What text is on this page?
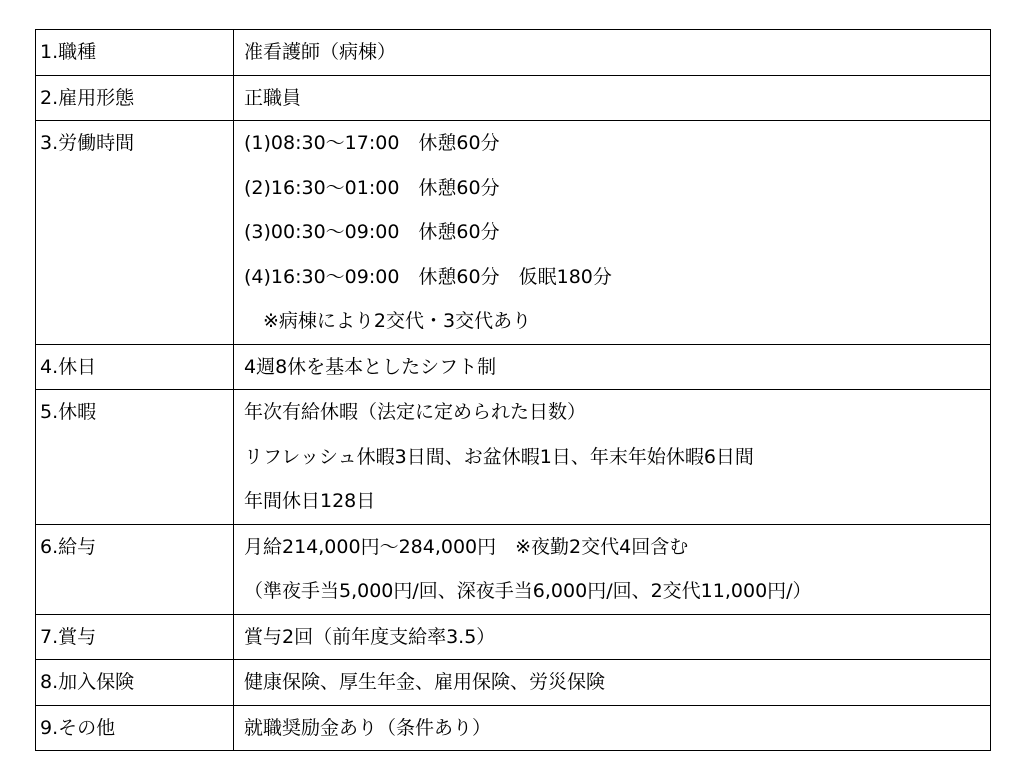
1.職種	准看護師（病棟）

2.雇用形態	正職員

3.労働時間	(1)08:30～17:00　休憩60分
(2)16:30～01:00　休憩60分
(3)00:30～09:00　休憩60分
(4)16:30～09:00　休憩60分　仮眠180分
　※病棟により2交代・3交代あり

4.休日	4週8休を基本としたシフト制

5.休暇	年次有給休暇（法定に定められた日数）
リフレッシュ休暇3日間、お盆休暇1日、年末年始休暇6日間
年間休日128日

6.給与	月給214,000円～284,000円　※夜勤2交代4回含む
（準夜手当5,000円/回、深夜手当6,000円/回、2交代11,000円/）

7.賞与	賞与2回（前年度支給率3.5）

8.加入保険	健康保険、厚生年金、雇用保険、労災保険

9.その他	就職奨励金あり（条件あり）
